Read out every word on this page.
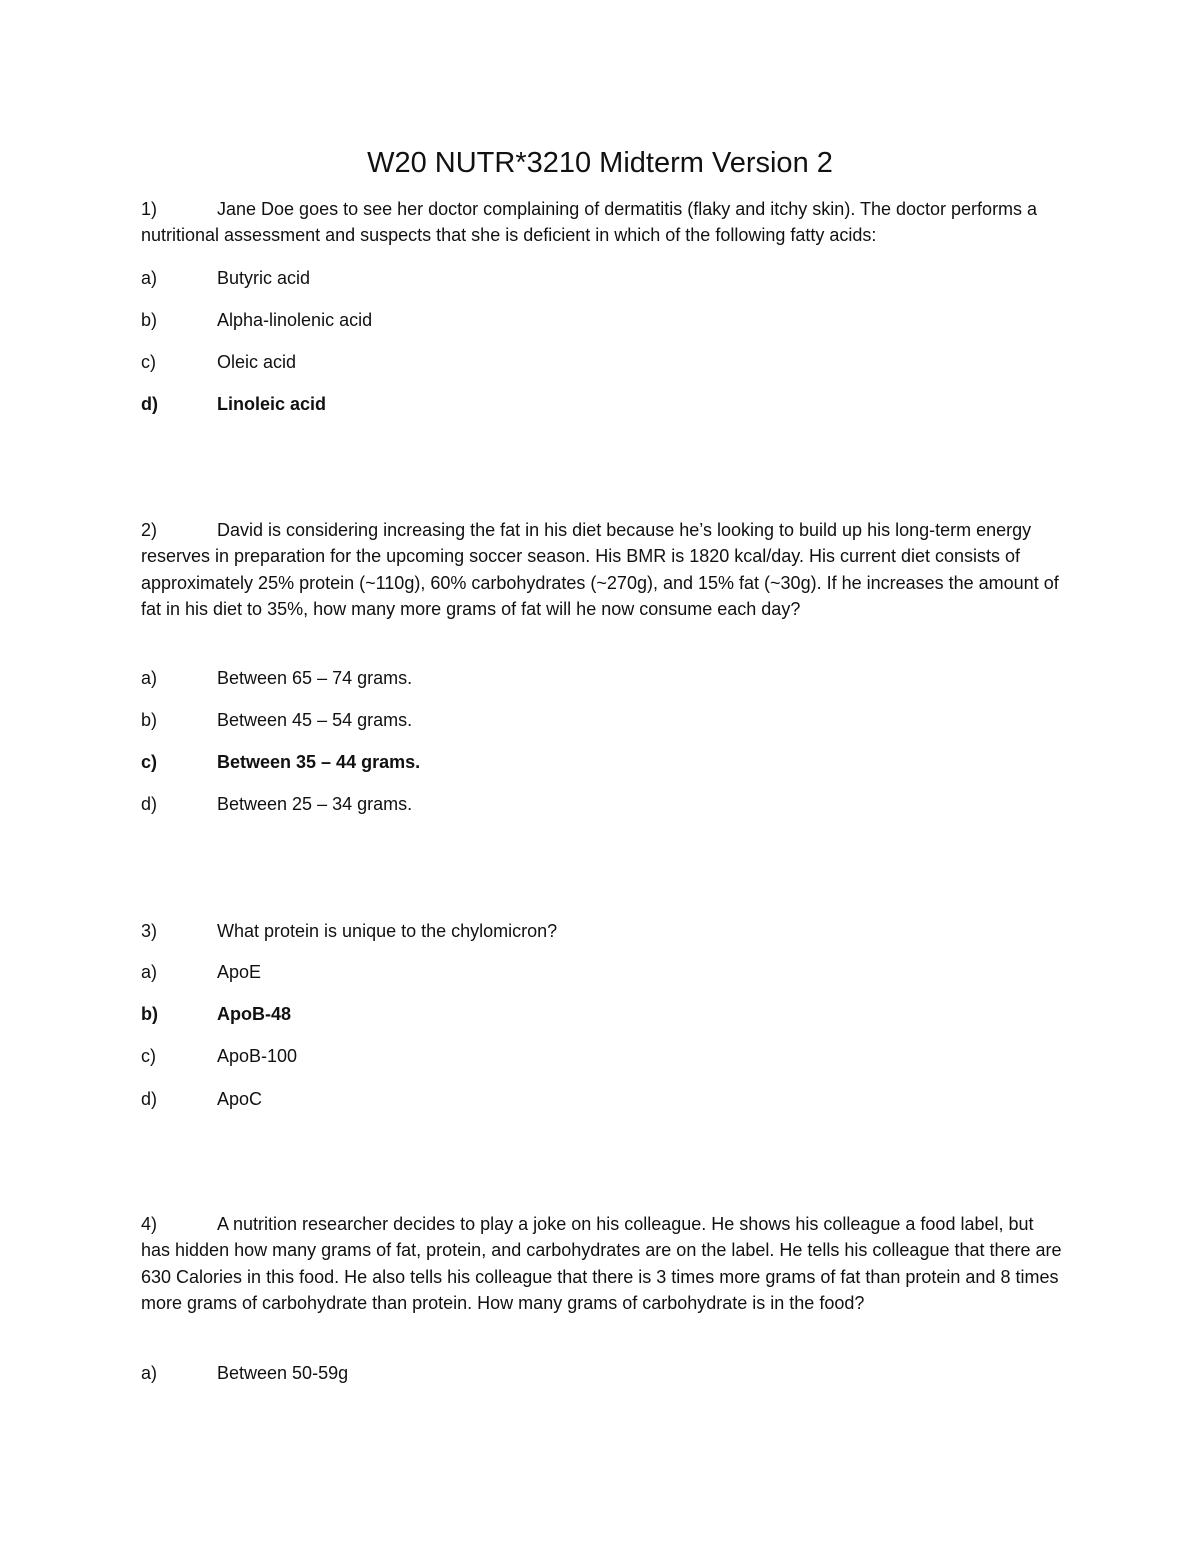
W20 NUTR*3210 Midterm Version 2
1)	Jane Doe goes to see her doctor complaining of dermatitis (flaky and itchy skin). The doctor performs a nutritional assessment and suspects that she is deficient in which of the following fatty acids:
a)	Butyric acid
b)	Alpha-linolenic acid
c)	Oleic acid
d)	Linoleic acid
2)	David is considering increasing the fat in his diet because he’s looking to build up his long-term energy reserves in preparation for the upcoming soccer season. His BMR is 1820 kcal/day. His current diet consists of approximately 25% protein (~110g), 60% carbohydrates (~270g), and 15% fat (~30g). If he increases the amount of fat in his diet to 35%, how many more grams of fat will he now consume each day?
a)	Between 65 – 74 grams.
b)	Between 45 – 54 grams.
c)	Between 35 – 44 grams.
d)	Between 25 – 34 grams.
3)	What protein is unique to the chylomicron?
a)	ApoE
b)	ApoB-48
c)	ApoB-100
d)	ApoC
4)	A nutrition researcher decides to play a joke on his colleague. He shows his colleague a food label, but has hidden how many grams of fat, protein, and carbohydrates are on the label. He tells his colleague that there are 630 Calories in this food. He also tells his colleague that there is 3 times more grams of fat than protein and 8 times more grams of carbohydrate than protein. How many grams of carbohydrate is in the food?
a)	Between 50-59g
